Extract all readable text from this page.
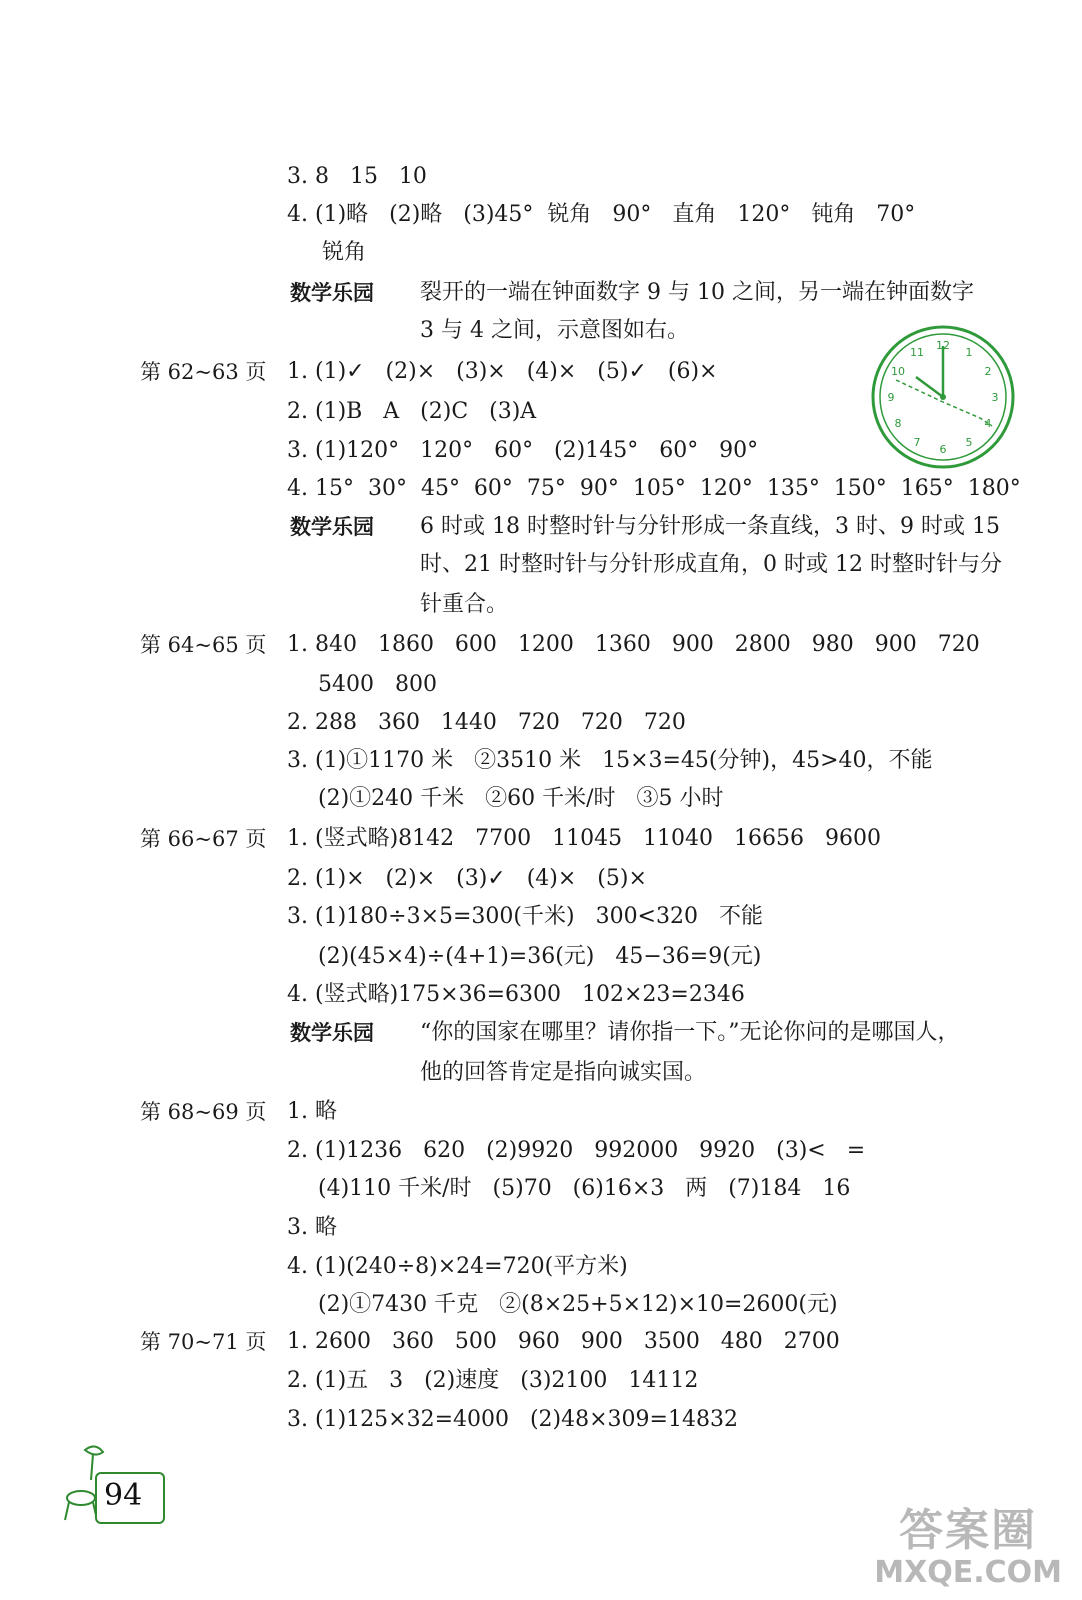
第 62~63 页
第 64~65 页
第 66~67 页
第 68~69 页
第 70~71 页
数学乐园
数学乐园
数学乐园
3. 8   15   10
4. (1)略   (2)略   (3)45°  锐角   90°   直角   120°   钝角   70°
锐角
裂开的一端在钟面数字 9 与 10 之间，另一端在钟面数字
3 与 4 之间，示意图如右。
1. (1)✓   (2)×   (3)×   (4)×   (5)✓   (6)×
2. (1)B   A   (2)C   (3)A
3. (1)120°   120°   60°   (2)145°   60°   90°
4. 15°  30°  45°  60°  75°  90°  105°  120°  135°  150°  165°  180°
6 时或 18 时整时针与分针形成一条直线，3 时、9 时或 15
时、21 时整时针与分针形成直角，0 时或 12 时整时针与分
针重合。
1. 840   1860   600   1200   1360   900   2800   980   900   720
5400   800
2. 288   360   1440   720   720   720
3. (1)①1170 米   ②3510 米   15×3=45(分钟)，45>40，不能
(2)①240 千米   ②60 千米/时   ③5 小时
1. (竖式略)8142   7700   11045   11040   16656   9600
2. (1)×   (2)×   (3)✓   (4)×   (5)×
3. (1)180÷3×5=300(千米)   300<320   不能
(2)(45×4)÷(4+1)=36(元)   45−36=9(元)
4. (竖式略)175×36=6300   102×23=2346
“你的国家在哪里？请你指一下。”无论你问的是哪国人，
他的回答肯定是指向诚实国。
1. 略
2. (1)1236   620   (2)9920   992000   9920   (3)<   =
(4)110 千米/时   (5)70   (6)16×3   两   (7)184   16
3. 略
4. (1)(240÷8)×24=720(平方米)
(2)①7430 千克   ②(8×25+5×12)×10=2600(元)
1. 2600   360   500   960   900   3500   480   2700
2. (1)五   3   (2)速度   (3)2100   14112
3. (1)125×32=4000   (2)48×309=14832
12
1
2
3
4
5
6
7
8
9
10
11
94
答案圈
MXQE.COM
